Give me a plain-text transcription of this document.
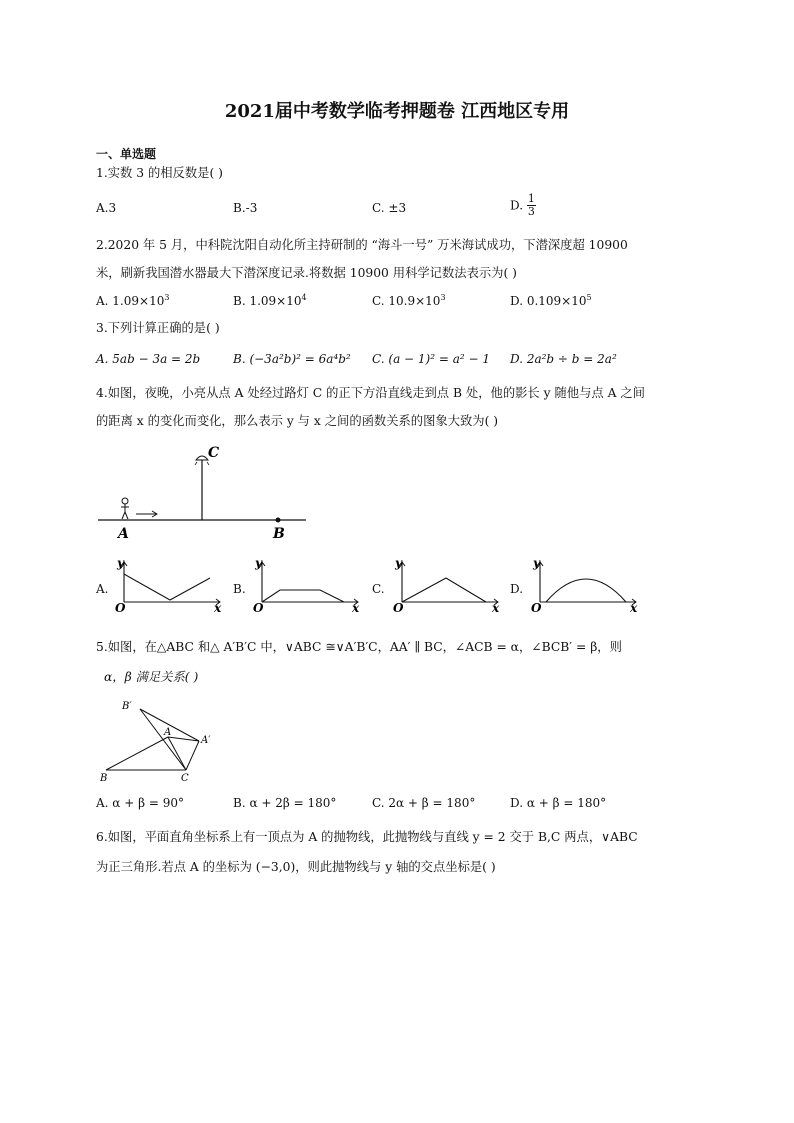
2021届中考数学临考押题卷 江西地区专用
一、单选题
1.实数 3 的相反数是( )
A.3	B.-3	C. ±3	D. $\frac{1}{3}$
2.2020 年 5 月，中科院沈阳自动化所主持研制的 “海斗一号” 万米海试成功，下潜深度超 10900
米，刷新我国潜水器最大下潜深度记录.将数据 10900 用科学记数法表示为( )
A. $1.09\times 10^3$	B. $1.09\times 10^4$	C. $10.9\times 10^3$	D. $0.109\times 10^5$
3.下列计算正确的是( )
A. 5ab − 3a = 2b	B. (−3a²b)² = 6a⁴b² C. (a − 1)² = a² − 1 D. 2a²b ÷ b = 2a²
4.如图，夜晚，小亮从点 A 处经过路灯 C 的正下方沿直线走到点 B 处，他的影长 y 随他与点 A 之间
的距离 x 的变化而变化，那么表示 y 与 x 之间的函数关系的图象大致为( )
C
A	B
A.
y
O	x
B.
y
O	x
C.
y
O	x
D.
y
O	x
5.如图，在△ABC 和△ A′B′C 中，∨ABC ≅∨A′B′C，AA′ ∥ BC，∠ACB = α，∠BCB′ = β，则
α，β 满足关系( )
B′
A
A′
B	C
A. α + β = 90°	B. α + 2β = 180°	C. 2α + β = 180°	D. α + β = 180°
6.如图，平面直角坐标系上有一顶点为 A 的抛物线，此抛物线与直线 y = 2 交于 B,C 两点，∨ABC
为正三角形.若点 A 的坐标为 (−3,0)，则此抛物线与 y 轴的交点坐标是( )
